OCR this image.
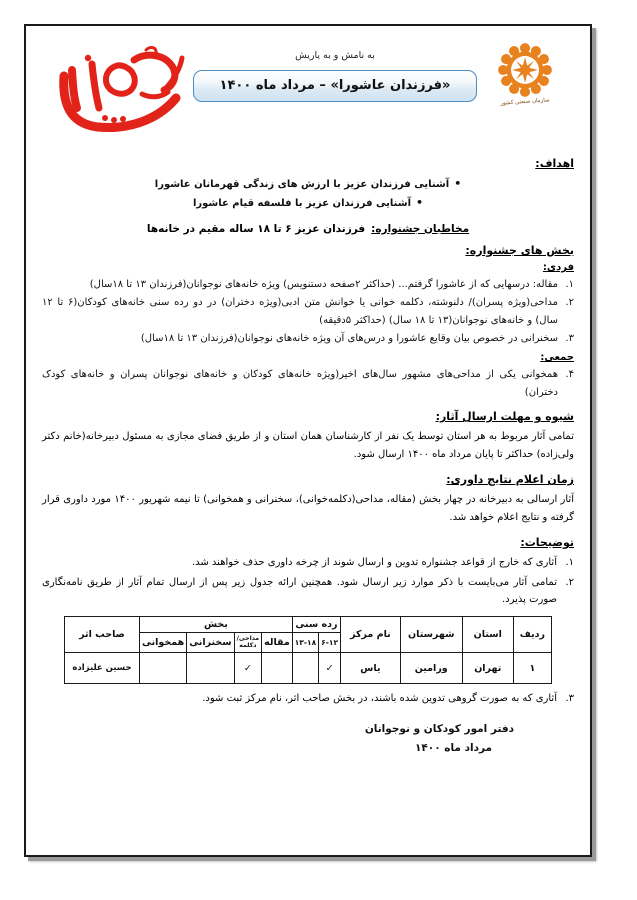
سازمان صنعتی کشور
به نامش و به یاریش
«فرزندان عاشورا» – مرداد ماه ۱۴۰۰
اهداف:
• آشنایی فرزندان عزیز با ارزش های زندگی قهرمانان عاشورا
• آشنایی فرزندان عزیز با فلسفه قیام عاشورا
مخاطبان جشنواره:فرزندان عزیز ۶ تا ۱۸ ساله مقیم در خانه‌ها
بخش های جشنواره:
فردی:
۱.
مقاله: درسهایی که از عاشورا گرفتم... (حداکثر ۲صفحه دستنویس) ویژه خانه‌های نوجوانان(فرزندان ۱۳ تا ۱۸سال)
۲.
مداحی(ویژه پسران)/ دلنوشته، دکلمه خوانی یا خوانش متن ادبی(ویژه دختران) در دو رده سنی خانه‌های کودکان(۶ تا ۱۲ سال) و خانه‌های نوجوانان(۱۳ تا ۱۸ سال) (حداکثر ۵دقیقه)
۳.
سخنرانی در خصوص بیان وقایع عاشورا و درس‌های آن ویژه خانه‌های نوجوانان(فرزندان ۱۳ تا ۱۸سال)
جمعی:
۴.
همخوانی یکی از مداحی‌های مشهور سال‌های اخیر(ویژه خانه‌های کودکان و خانه‌های نوجوانان پسران و خانه‌های کودک دختران)
شیوه و مهلت ارسال آثار:
تمامی آثار مربوط به هر استان توسط یک نفر از کارشناسان همان استان و از طریق فضای مجازی به مسئول دبیرخانه(خانم دکتر ولی‌زاده) حداکثر تا پایان مرداد ماه ۱۴۰۰ ارسال شود.
زمان اعلام نتایج داوری:
آثار ارسالی به دبیرخانه در چهار بخش (مقاله، مداحی(دکلمه‌خوانی)، سخنرانی و همخوانی) تا نیمه شهریور ۱۴۰۰ مورد داوری قرار گرفته و نتایج اعلام خواهد شد.
توضیحات:
۱.
آثاری که خارج از قواعد جشنواره تدوین و ارسال شوند از چرخه داوری حذف خواهند شد.
۲.
تمامی آثار می‌بایست با ذکر موارد زیر ارسال شود. همچنین ارائه جدول زیر پس از ارسال تمام آثار از طریق نامه‌نگاری صورت پذیرد.
ردیف	استان	شهرستان	نام مرکز	رده سنی		بخش				صاحب اثر
				۶-۱۲	۱۳-۱۸	مقاله	مداحی/ دکلمه	سخنرانی	همخوانی	
۱	تهران	ورامین	یاس	✓			✓			حسین علیزاده
۳.
آثاری که به صورت گروهی تدوین شده باشند، در بخش صاحب اثر، نام مرکز ثبت شود.
دفتر امور کودکان و نوجوانان
مرداد ماه ۱۴۰۰
